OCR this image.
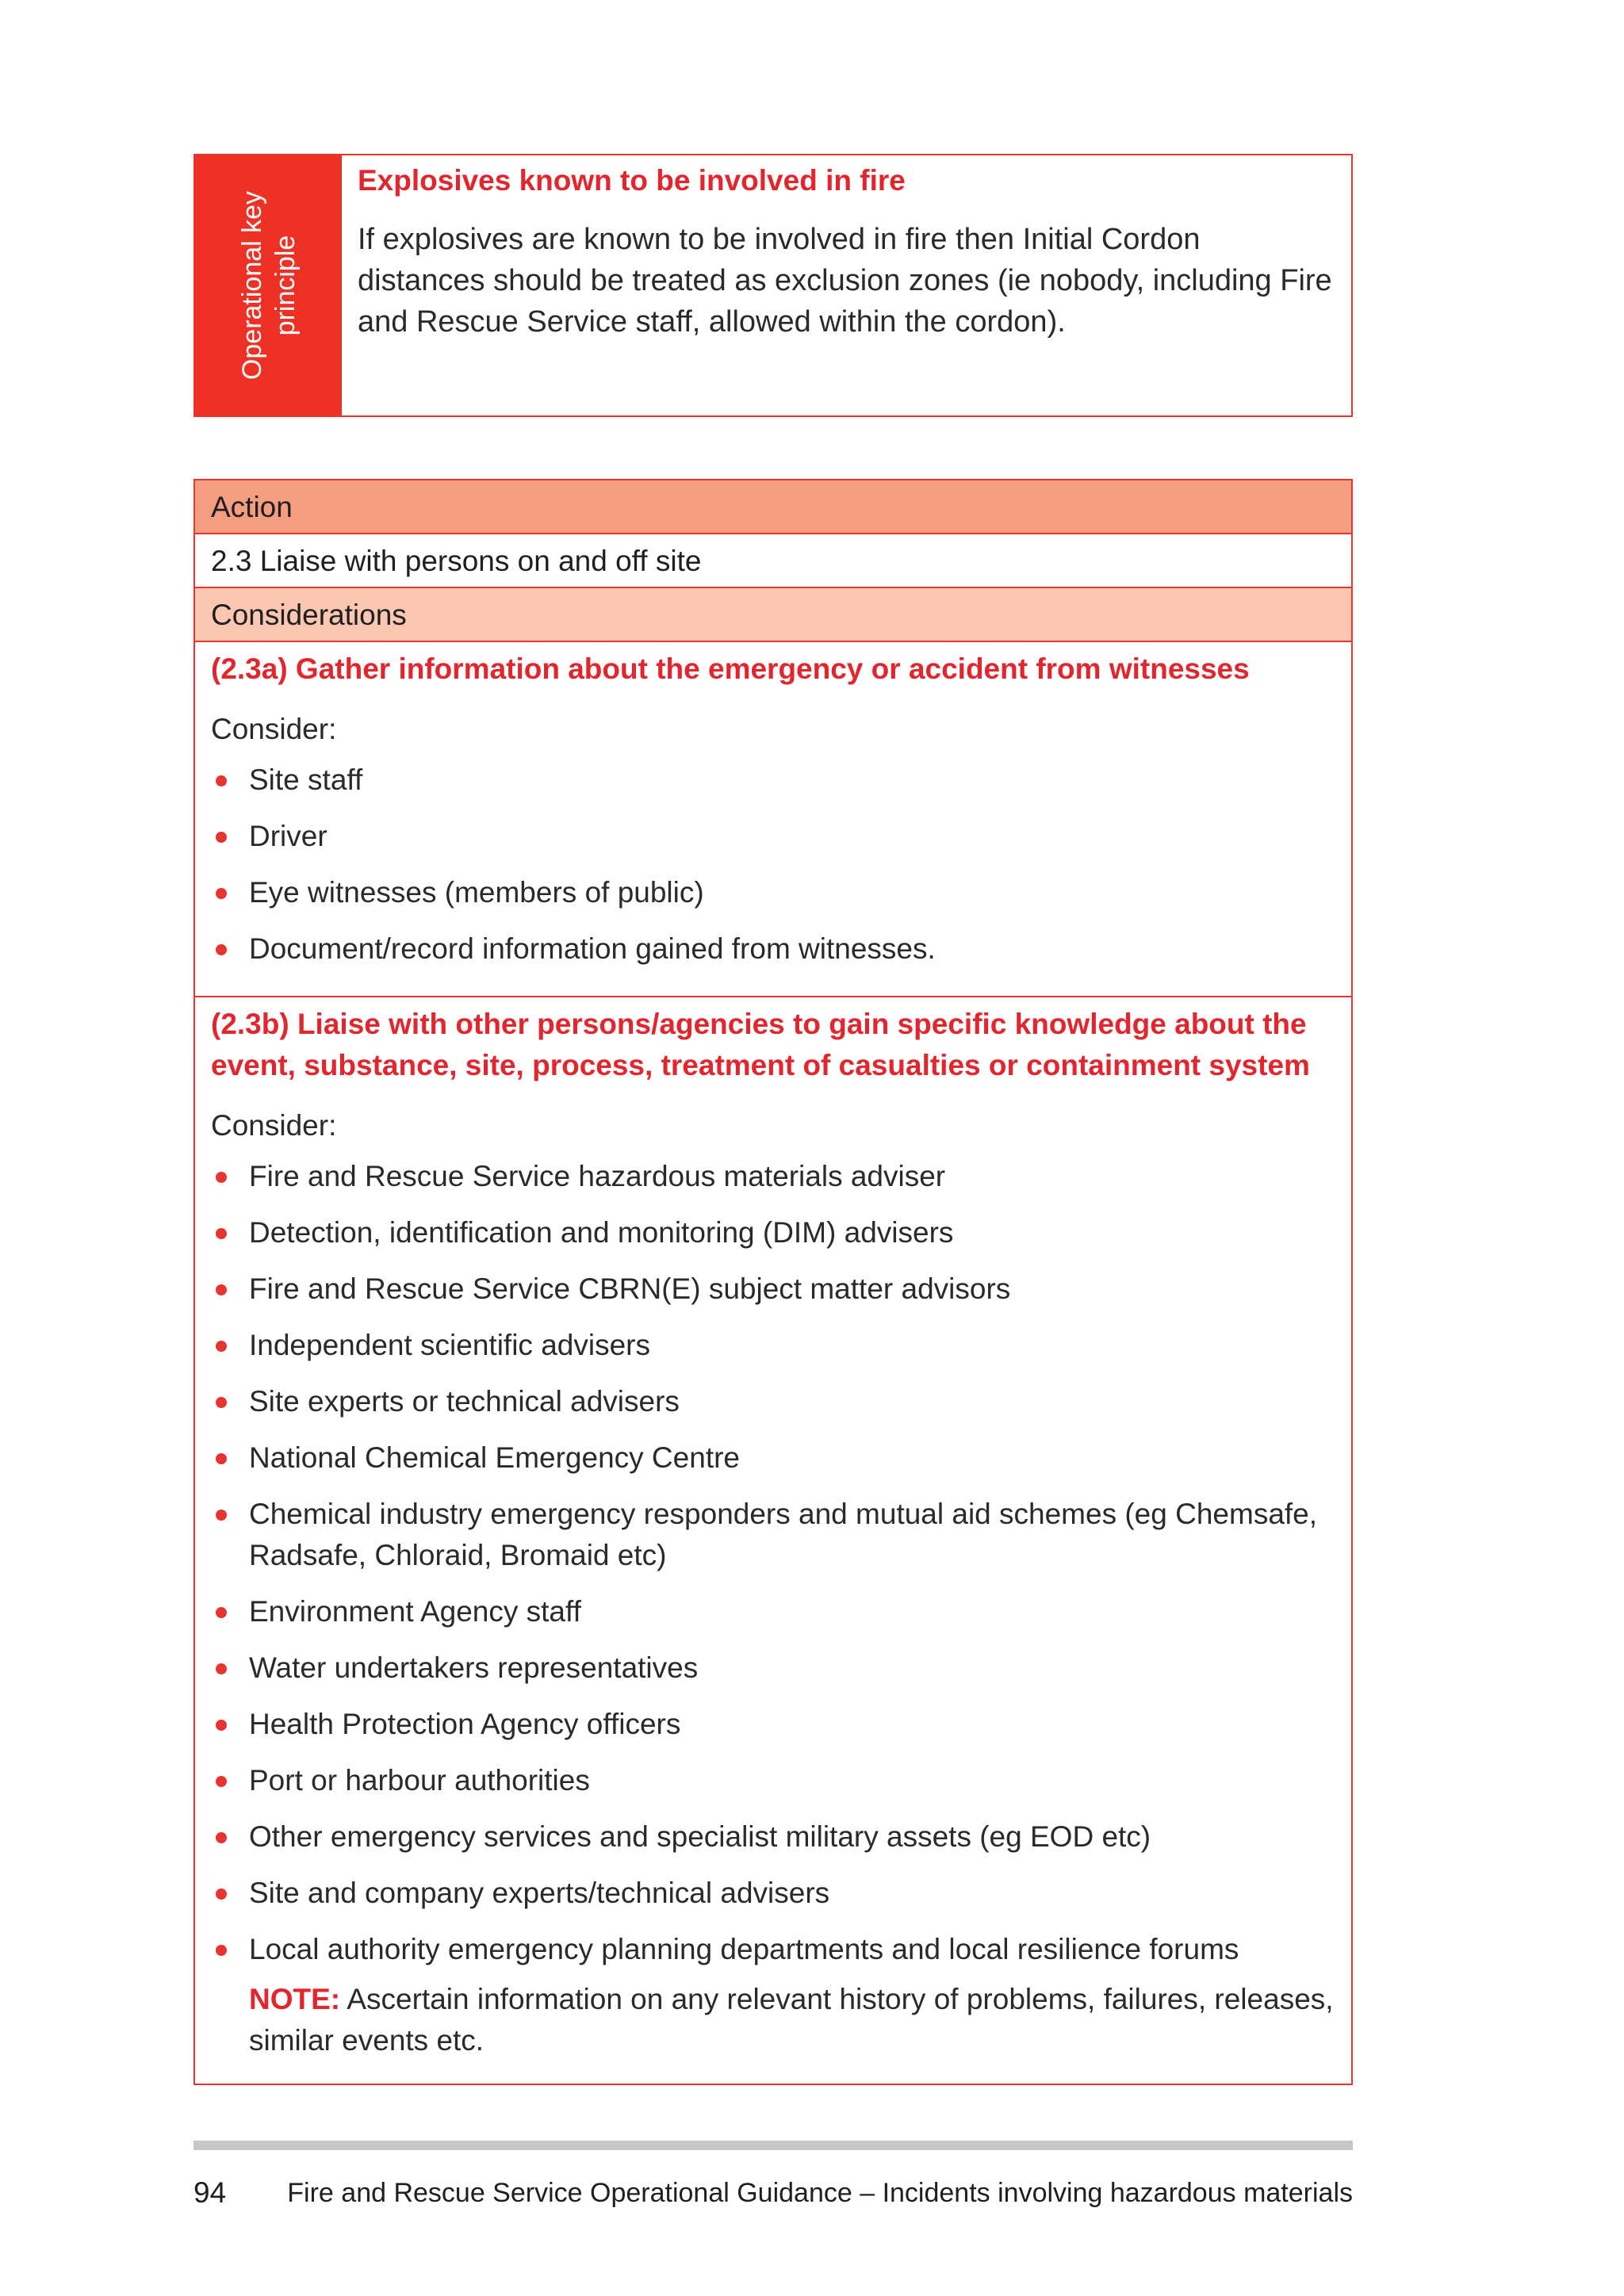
Operational key principle

Explosives known to be involved in fire

If explosives are known to be involved in fire then Initial Cordon distances should be treated as exclusion zones (ie nobody, including Fire and Rescue Service staff, allowed within the cordon).

Action
2.3 Liaise with persons on and off site
Considerations

(2.3a) Gather information about the emergency or accident from witnesses

Consider:

Site staff
Driver
Eye witnesses (members of public)
Document/record information gained from witnesses.

(2.3b) Liaise with other persons/agencies to gain specific knowledge about the event, substance, site, process, treatment of casualties or containment system

Consider:

Fire and Rescue Service hazardous materials adviser
Detection, identification and monitoring (DIM) advisers
Fire and Rescue Service CBRN(E) subject matter advisors
Independent scientific advisers
Site experts or technical advisers
National Chemical Emergency Centre
Chemical industry emergency responders and mutual aid schemes (eg Chemsafe, Radsafe, Chloraid, Bromaid etc)
Environment Agency staff
Water undertakers representatives
Health Protection Agency officers
Port or harbour authorities
Other emergency services and specialist military assets (eg EOD etc)
Site and company experts/technical advisers
Local authority emergency planning departments and local resilience forums

NOTE: Ascertain information on any relevant history of problems, failures, releases, similar events etc.

94 Fire and Rescue Service Operational Guidance – Incidents involving hazardous materials
